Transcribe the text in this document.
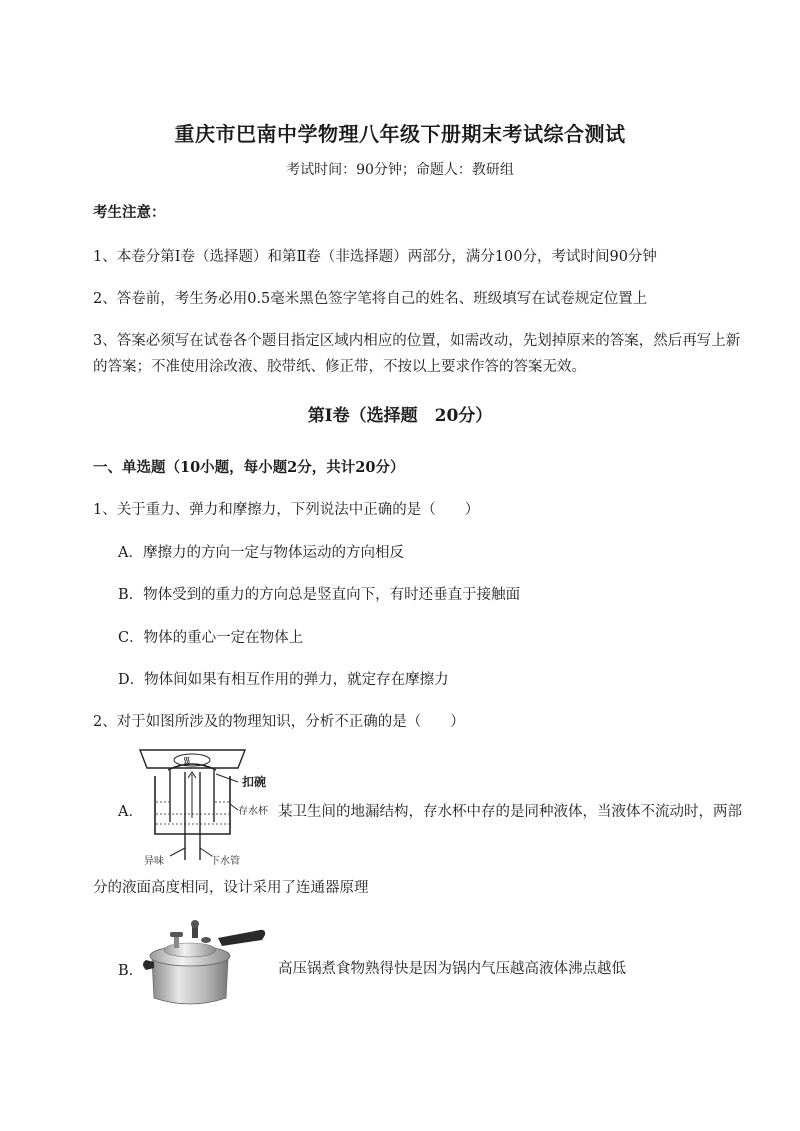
重庆市巴南中学物理八年级下册期末考试综合测试
考试时间：90分钟；命题人：教研组
考生注意：
1、本卷分第I卷（选择题）和第Ⅱ卷（非选择题）两部分，满分100分，考试时间90分钟
2、答卷前，考生务必用0.5毫米黑色签字笔将自己的姓名、班级填写在试卷规定位置上
3、答案必须写在试卷各个题目指定区域内相应的位置，如需改动，先划掉原来的答案，然后再写上新的答案；不准使用涂改液、胶带纸、修正带，不按以上要求作答的答案无效。
第I卷（选择题　20分）
一、单选题（10小题，每小题2分，共计20分）
1、关于重力、弹力和摩擦力，下列说法中正确的是（　　）
A．摩擦力的方向一定与物体运动的方向相反
B．物体受到的重力的方向总是竖直向下，有时还垂直于接触面
C．物体的重心一定在物体上
D．物体间如果有相互作用的弹力，就定存在摩擦力
2、对于如图所涉及的物理知识，分析不正确的是（　　）
A．
᯾
扣碗
存水杯
异味	下水管
某卫生间的地漏结构，存水杯中存的是同种液体，当液体不流动时，两部
分的液面高度相同，设计采用了连通器原理
B．	高压锅煮食物熟得快是因为锅内气压越高液体沸点越低
